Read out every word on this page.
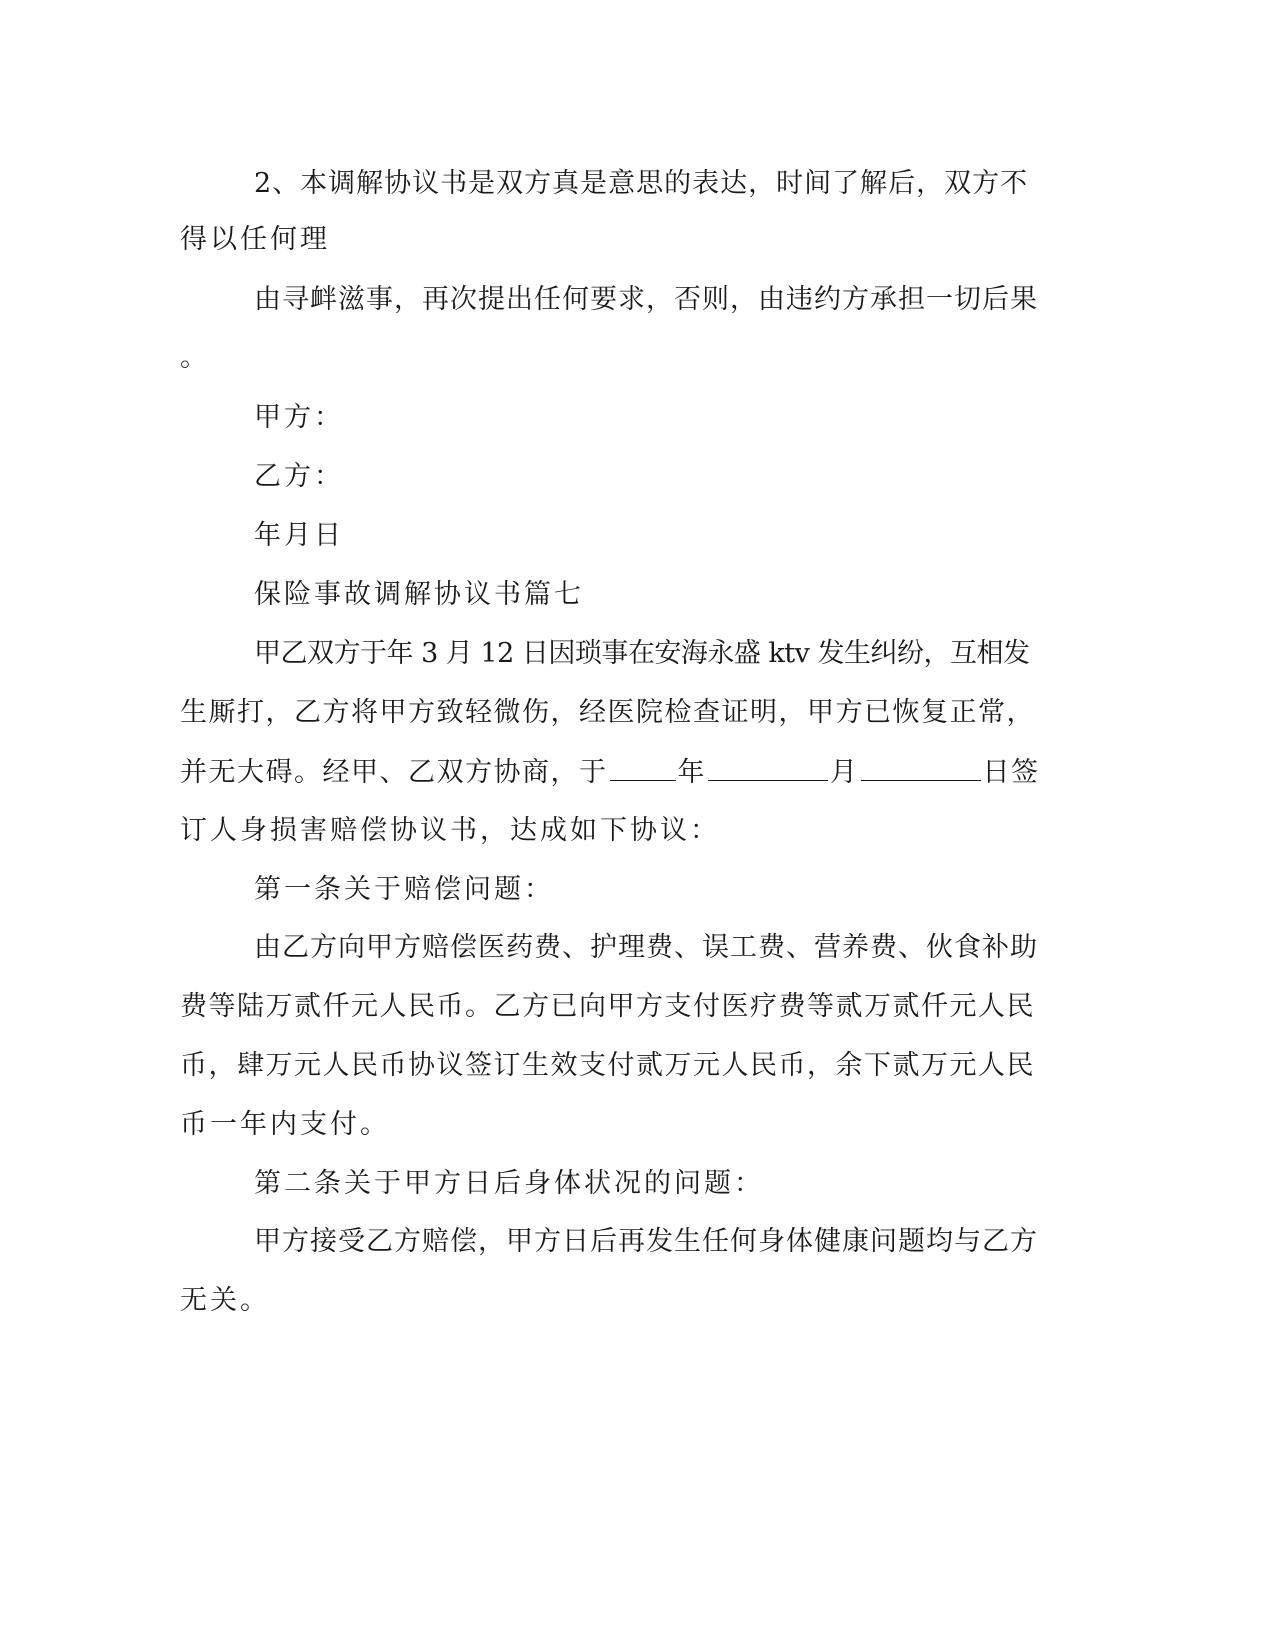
2、本调解协议书是双方真是意思的表达，时间了解后，双方不
得以任何理
由寻衅滋事，再次提出任何要求，否则，由违约方承担一切后果
。
甲方：
乙方：
年月日
保险事故调解协议书篇七
甲乙双方于年 3 月 12 日因琐事在安海永盛 ktv 发生纠纷，互相发
生厮打，乙方将甲方致轻微伤，经医院检查证明，甲方已恢复正常，
并无大碍。经甲、乙双方协商，于	年	月	日签
订人身损害赔偿协议书，达成如下协议：
第一条关于赔偿问题：
由乙方向甲方赔偿医药费、护理费、误工费、营养费、伙食补助
费等陆万贰仟元人民币。乙方已向甲方支付医疗费等贰万贰仟元人民
币，肆万元人民币协议签订生效支付贰万元人民币，余下贰万元人民
币一年内支付。
第二条关于甲方日后身体状况的问题：
甲方接受乙方赔偿，甲方日后再发生任何身体健康问题均与乙方
无关。
